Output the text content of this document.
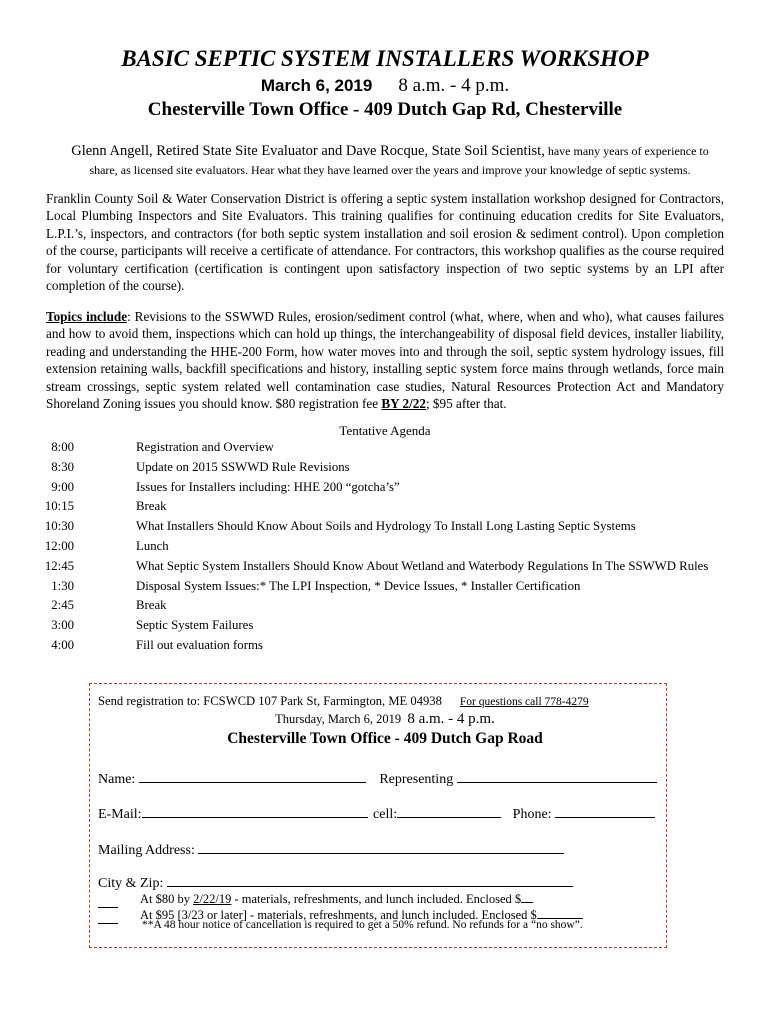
BASIC SEPTIC SYSTEM INSTALLERS WORKSHOP
March 6, 2019 8 a.m. - 4 p.m.
Chesterville Town Office - 409 Dutch Gap Rd, Chesterville
Glenn Angell, Retired State Site Evaluator and Dave Rocque, State Soil Scientist, have many years of experience to
share, as licensed site evaluators. Hear what they have learned over the years and improve your knowledge of septic systems.
Franklin County Soil & Water Conservation District is offering a septic system installation workshop designed for Contractors, Local Plumbing Inspectors and Site Evaluators. This training qualifies for continuing education credits for Site Evaluators, L.P.I.’s, inspectors, and contractors (for both septic system installation and soil erosion & sediment control). Upon completion of the course, participants will receive a certificate of attendance. For contractors, this workshop qualifies as the course required for voluntary certification (certification is contingent upon satisfactory inspection of two septic systems by an LPI after completion of the course).
Topics include: Revisions to the SSWWD Rules, erosion/sediment control (what, where, when and who), what causes failures and how to avoid them, inspections which can hold up things, the interchangeability of disposal field devices, installer liability, reading and understanding the HHE-200 Form, how water moves into and through the soil, septic system hydrology issues, fill extension retaining walls, backfill specifications and history, installing septic system force mains through wetlands, force main stream crossings, septic system related well contamination case studies, Natural Resources Protection Act and Mandatory Shoreland Zoning issues you should know. $80 registration fee BY 2/22; $95 after that.
Tentative Agenda
8:00	Registration and Overview
8:30	Update on 2015 SSWWD Rule Revisions
9:00	Issues for Installers including: HHE 200 “gotcha’s”
10:15	Break
10:30	What Installers Should Know About Soils and Hydrology To Install Long Lasting Septic Systems
12:00	Lunch
12:45	What Septic System Installers Should Know About Wetland and Waterbody Regulations In The SSWWD Rules
1:30	Disposal System Issues:* The LPI Inspection, * Device Issues, * Installer Certification
2:45	Break
3:00	Septic System Failures
4:00	Fill out evaluation forms
Send registration to: FCSWCD 107 Park St, Farmington, ME 04938 For questions call 778-4279
Thursday, March 6, 2019 8 a.m. - 4 p.m.
Chesterville Town Office - 409 Dutch Gap Road
Name:	Representing
E-Mail:	cell:	Phone:
Mailing Address:
City & Zip:
At $80 by 2/22/19 - materials, refreshments, and lunch included. Enclosed $
At $95 [3/23 or later] - materials, refreshments, and lunch included. Enclosed $
**A 48 hour notice of cancellation is required to get a 50% refund. No refunds for a “no show”.
